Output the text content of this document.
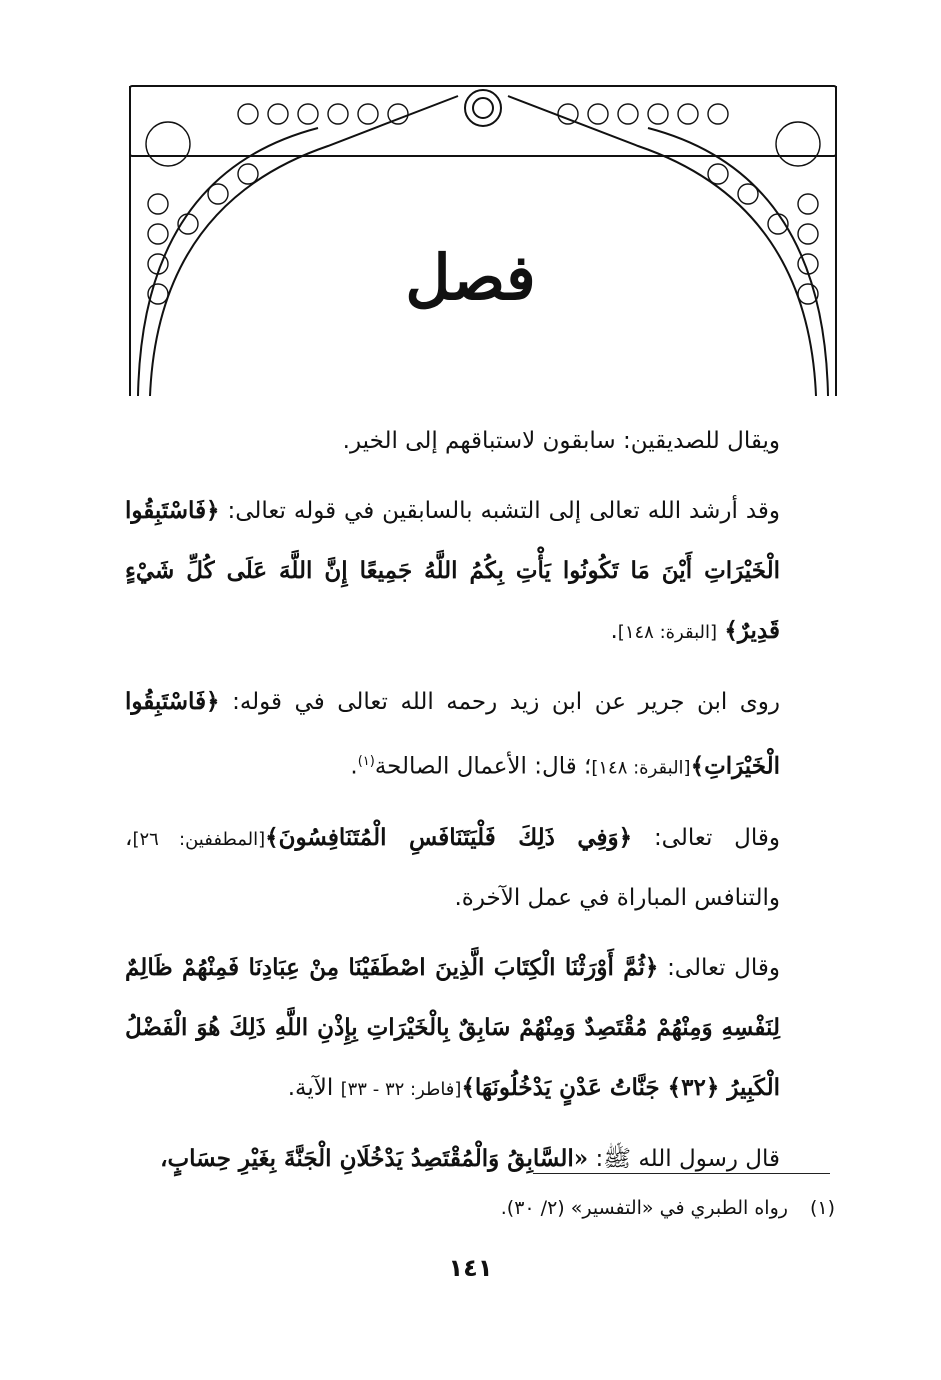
فصل

ويقال للصديقين: سابقون لاستباقهم إلى الخير.

وقد أرشد الله تعالى إلى التشبه بالسابقين في قوله تعالى: ﴿فَاسْتَبِقُوا الْخَيْرَاتِ أَيْنَ مَا تَكُونُوا يَأْتِ بِكُمُ اللَّهُ جَمِيعًا إِنَّ اللَّهَ عَلَى كُلِّ شَيْءٍ قَدِيرٌ﴾ [البقرة: ١٤٨].

روى ابن جرير عن ابن زيد رحمه الله تعالى في قوله: ﴿فَاسْتَبِقُوا الْخَيْرَاتِ﴾[البقرة: ١٤٨]؛ قال: الأعمال الصالحة$^{(١)}$.

وقال تعالى: ﴿وَفِي ذَلِكَ فَلْيَتَنَافَسِ الْمُتَنَافِسُونَ﴾[المطففين: ٢٦]، والتنافس المباراة في عمل الآخرة.

وقال تعالى: ﴿ثُمَّ أَوْرَثْنَا الْكِتَابَ الَّذِينَ اصْطَفَيْنَا مِنْ عِبَادِنَا فَمِنْهُمْ ظَالِمٌ لِنَفْسِهِ وَمِنْهُمْ مُقْتَصِدٌ وَمِنْهُمْ سَابِقٌ بِالْخَيْرَاتِ بِإِذْنِ اللَّهِ ذَلِكَ هُوَ الْفَضْلُ الْكَبِيرُ ﴿٣٢﴾ جَنَّاتُ عَدْنٍ يَدْخُلُونَهَا﴾[فاطر: ٣٢ - ٣٣] الآية.

قال رسول الله ﷺ: «السَّابِقُ وَالْمُقْتَصِدُ يَدْخُلَانِ الْجَنَّةَ بِغَيْرِ حِسَابٍ،

(١)رواه الطبري في «التفسير» (٢/ ٣٠).
١٤١
